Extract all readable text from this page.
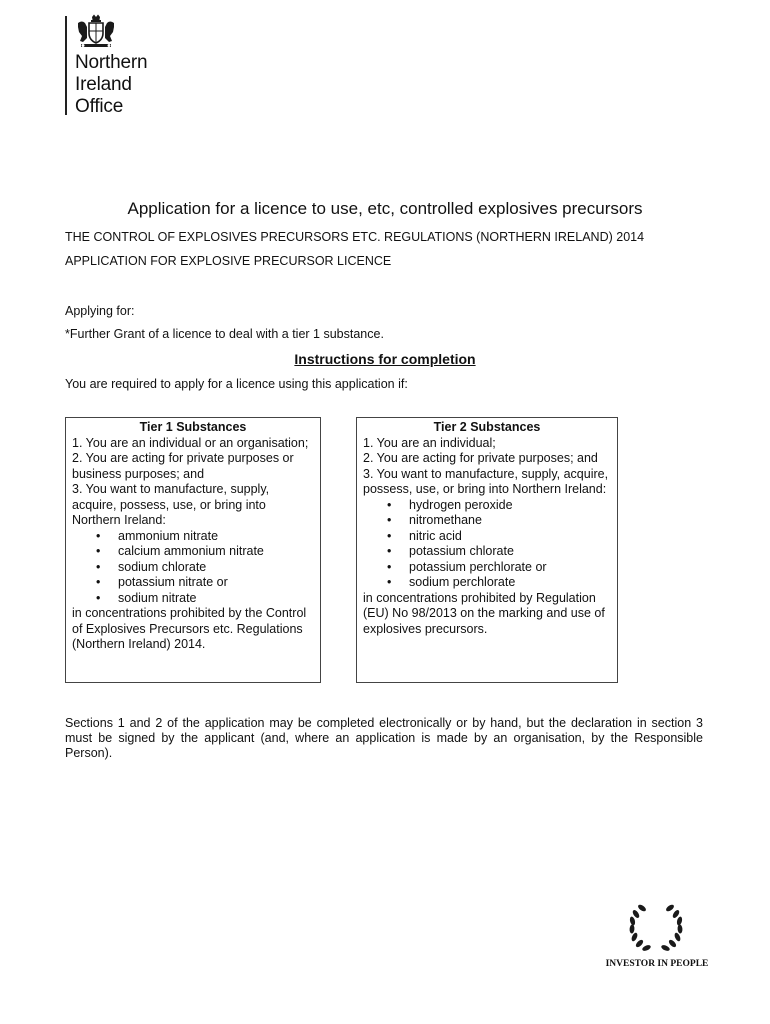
Northern
Ireland
Office
Application for a licence to use, etc, controlled explosives precursors
THE CONTROL OF EXPLOSIVES PRECURSORS ETC. REGULATIONS (NORTHERN IRELAND) 2014
APPLICATION FOR EXPLOSIVE PRECURSOR LICENCE
Applying for:
*Further Grant of a licence to deal with a tier 1 substance.
Instructions for completion
You are required to apply for a licence using this application if:
Tier 1 Substances
1. You are an individual or an organisation;
2. You are acting for private purposes or business purposes; and
3. You want to manufacture, supply, acquire, possess, use, or bring into Northern Ireland:
• ammonium nitrate
• calcium ammonium nitrate
• sodium chlorate
• potassium nitrate or
• sodium nitrate
in concentrations prohibited by the Control of Explosives Precursors etc. Regulations (Northern Ireland) 2014.
Tier 2 Substances
1. You are an individual;
2. You are acting for private purposes; and
3. You want to manufacture, supply, acquire, possess, use, or bring into Northern Ireland:
• hydrogen peroxide
• nitromethane
• nitric acid
• potassium chlorate
• potassium perchlorate or
• sodium perchlorate
in concentrations prohibited by Regulation (EU) No 98/2013 on the marking and use of explosives precursors.
Sections 1 and 2 of the application may be completed electronically or by hand, but the declaration in section 3 must be signed by the applicant (and, where an application is made by an organisation, by the Responsible Person).
INVESTOR IN PEOPLE
